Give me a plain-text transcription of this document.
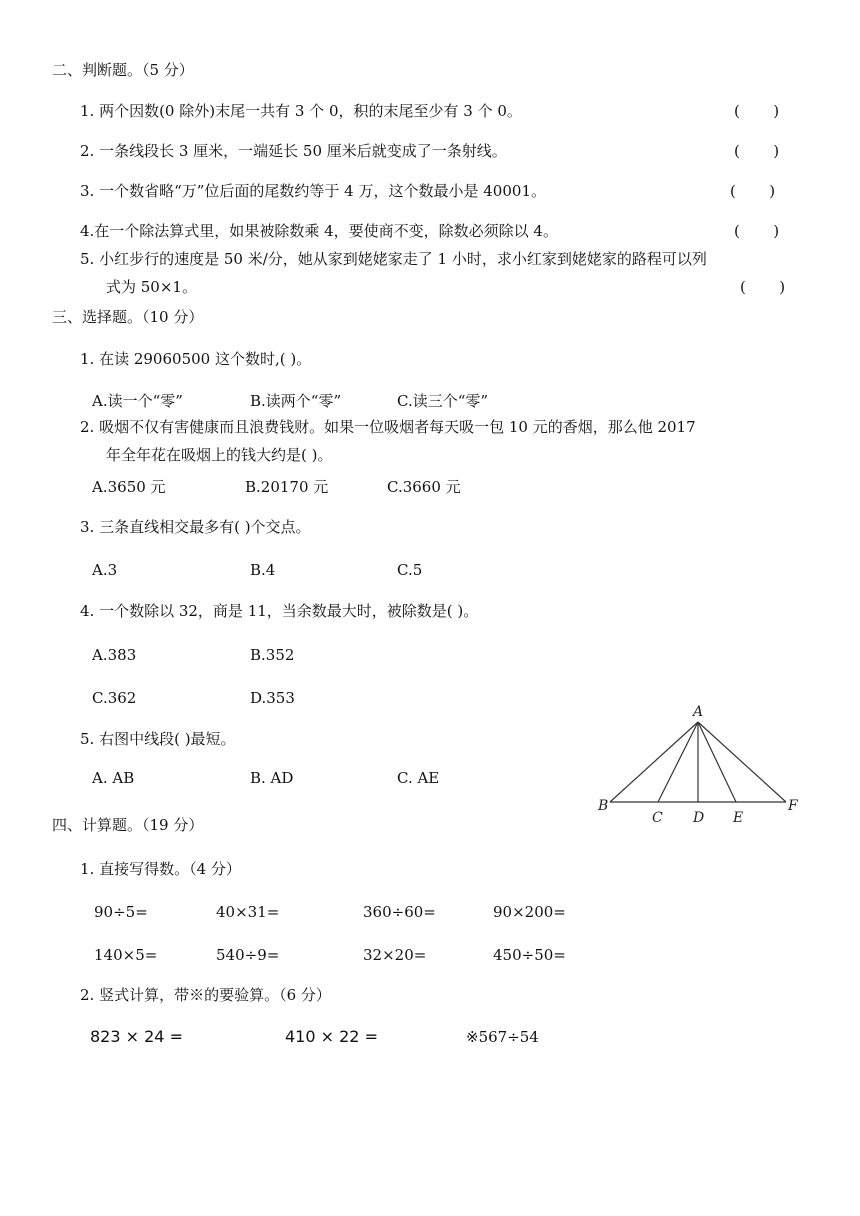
二、判断题。（5 分）
1. 两个因数(0 除外)末尾一共有 3 个 0，积的末尾至少有 3 个 0。	(       )
2. 一条线段长 3 厘米，一端延长 50 厘米后就变成了一条射线。	(       )
3. 一个数省略“万”位后面的尾数约等于 4 万，这个数最小是 40001。	(       )
4.在一个除法算式里，如果被除数乘 4，要使商不变，除数必须除以 4。	(       )
5. 小红步行的速度是 50 米/分，她从家到姥姥家走了 1 小时，求小红家到姥姥家的路程可以列
式为 50×1。	(       )
三、选择题。（10 分）
1. 在读 29060500 这个数时,( )。
A.读一个“零”	B.读两个“零”	C.读三个“零”
2. 吸烟不仅有害健康而且浪费钱财。如果一位吸烟者每天吸一包 10 元的香烟，那么他 2017
年全年花在吸烟上的钱大约是( )。
A.3650 元	B.20170 元	C.3660 元
3. 三条直线相交最多有( )个交点。
A.3	B.4	C.5
4. 一个数除以 32，商是 11，当余数最大时，被除数是( )。
A.383	B.352
C.362	D.353
5. 右图中线段( )最短。
A. AB	B. AD	C. AE
A
B
C D E
F
四、计算题。（19 分）
1. 直接写得数。（4 分）
90÷5=	40×31=	360÷60=	90×200=
140×5=	540÷9=	32×20=	450÷50=
2. 竖式计算，带※的要验算。（6 分）
823 × 24 =	410 × 22 =	※567÷54
